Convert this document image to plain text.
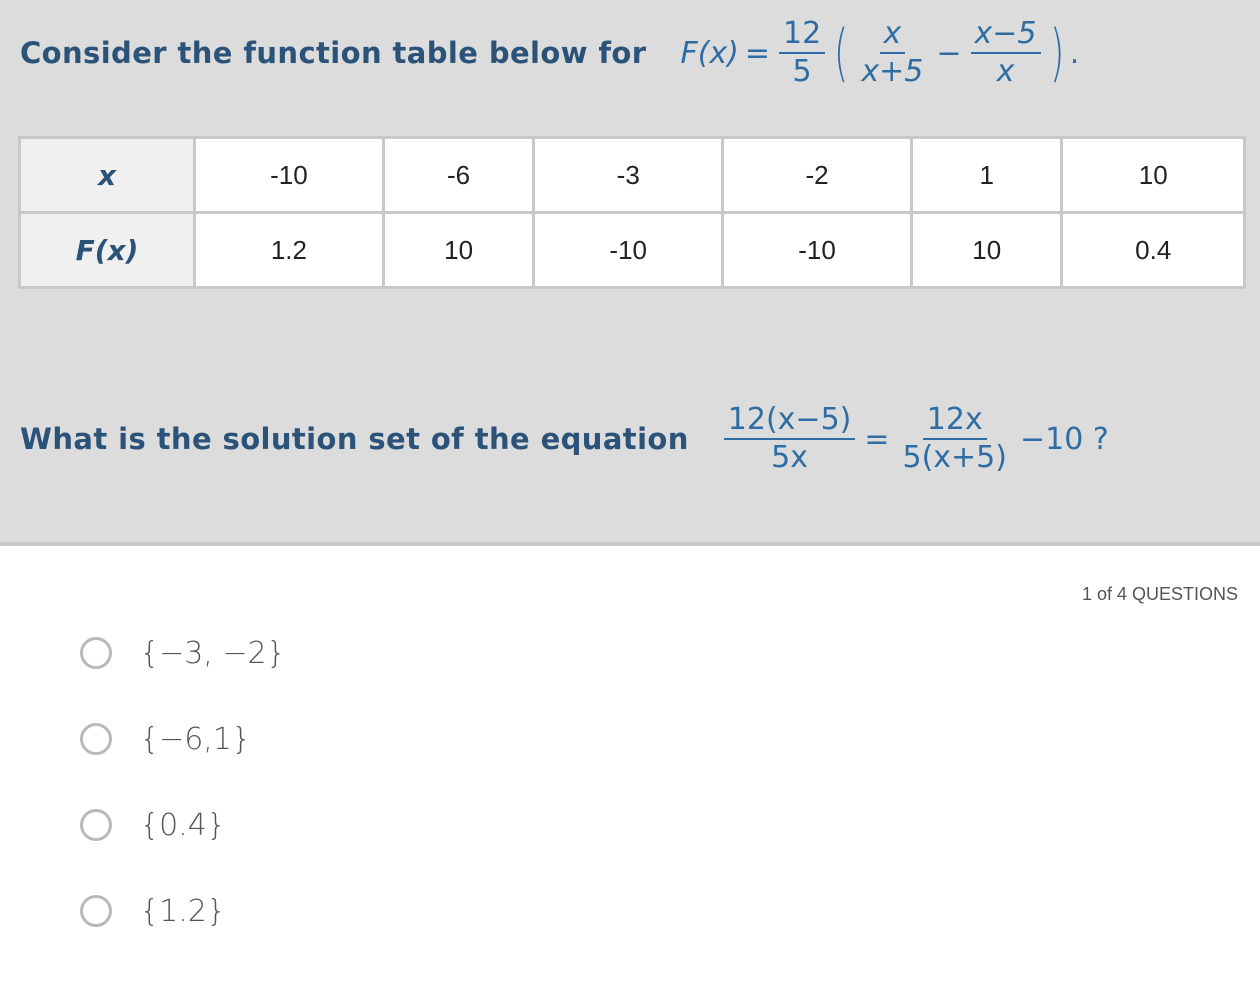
Consider the function table below for $F(x) = \frac{12}{5}$ ( $\frac{x}{x+5} - \frac{x-5}{x}$ ) .
x	-10	-6	-3	-2	1	10
F(x)	1.2	10	-10	-10	10	0.4
What is the solution set of the equation $\frac{12(x-5)}{5x} = \frac{12x}{5(x+5)} -10$ ?
1 of 4 QUESTIONS
{−3, −2}
{−6,1}
{0.4}
{1.2}
